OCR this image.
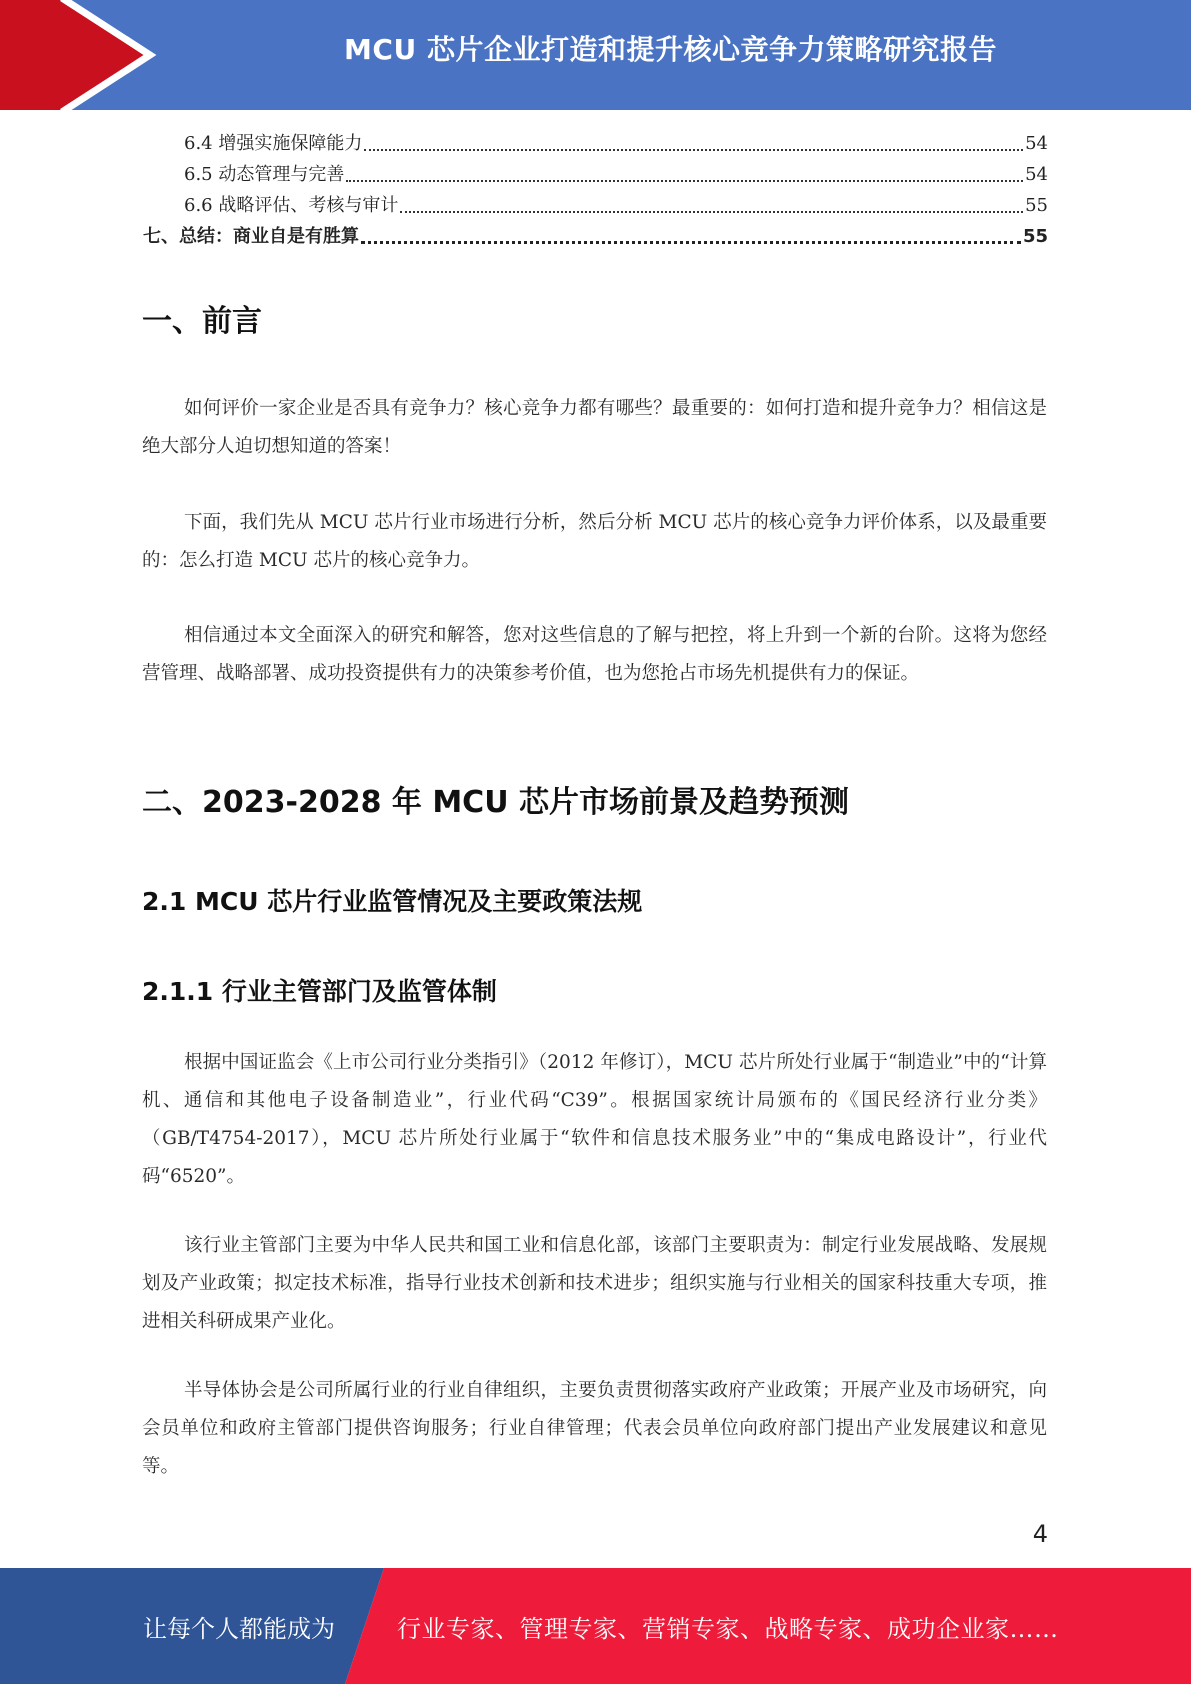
MCU 芯片企业打造和提升核心竞争力策略研究报告
6.4 增强实施保障能力	54
6.5 动态管理与完善	54
6.6 战略评估、考核与审计	55
七、总结：商业自是有胜算	55
一、前言

如何评价一家企业是否具有竞争力？核心竞争力都有哪些？最重要的：如何打造和提升竞争力？相信这是绝大部分人迫切想知道的答案！

下面，我们先从 MCU 芯片行业市场进行分析，然后分析 MCU 芯片的核心竞争力评价体系，以及最重要的：怎么打造 MCU 芯片的核心竞争力。

相信通过本文全面深入的研究和解答，您对这些信息的了解与把控，将上升到一个新的台阶。这将为您经营管理、战略部署、成功投资提供有力的决策参考价值，也为您抢占市场先机提供有力的保证。

二、2023-2028 年 MCU 芯片市场前景及趋势预测
2.1 MCU 芯片行业监管情况及主要政策法规
2.1.1 行业主管部门及监管体制

根据中国证监会《上市公司行业分类指引》（2012 年修订），MCU 芯片所处行业属于“制造业”中的“计算机、通信和其他电子设备制造业”，行业代码“C39”。根据国家统计局颁布的《国民经济行业分类》（GB/T4754-2017），MCU 芯片所处行业属于“软件和信息技术服务业”中的“集成电路设计”，行业代码“6520”。

该行业主管部门主要为中华人民共和国工业和信息化部，该部门主要职责为：制定行业发展战略、发展规划及产业政策；拟定技术标准，指导行业技术创新和技术进步；组织实施与行业相关的国家科技重大专项，推进相关科研成果产业化。

半导体协会是公司所属行业的行业自律组织，主要负责贯彻落实政府产业政策；开展产业及市场研究，向会员单位和政府主管部门提供咨询服务；行业自律管理；代表会员单位向政府部门提出产业发展建议和意见等。

4
让每个人都能成为	行业专家、管理专家、营销专家、战略专家、成功企业家……
